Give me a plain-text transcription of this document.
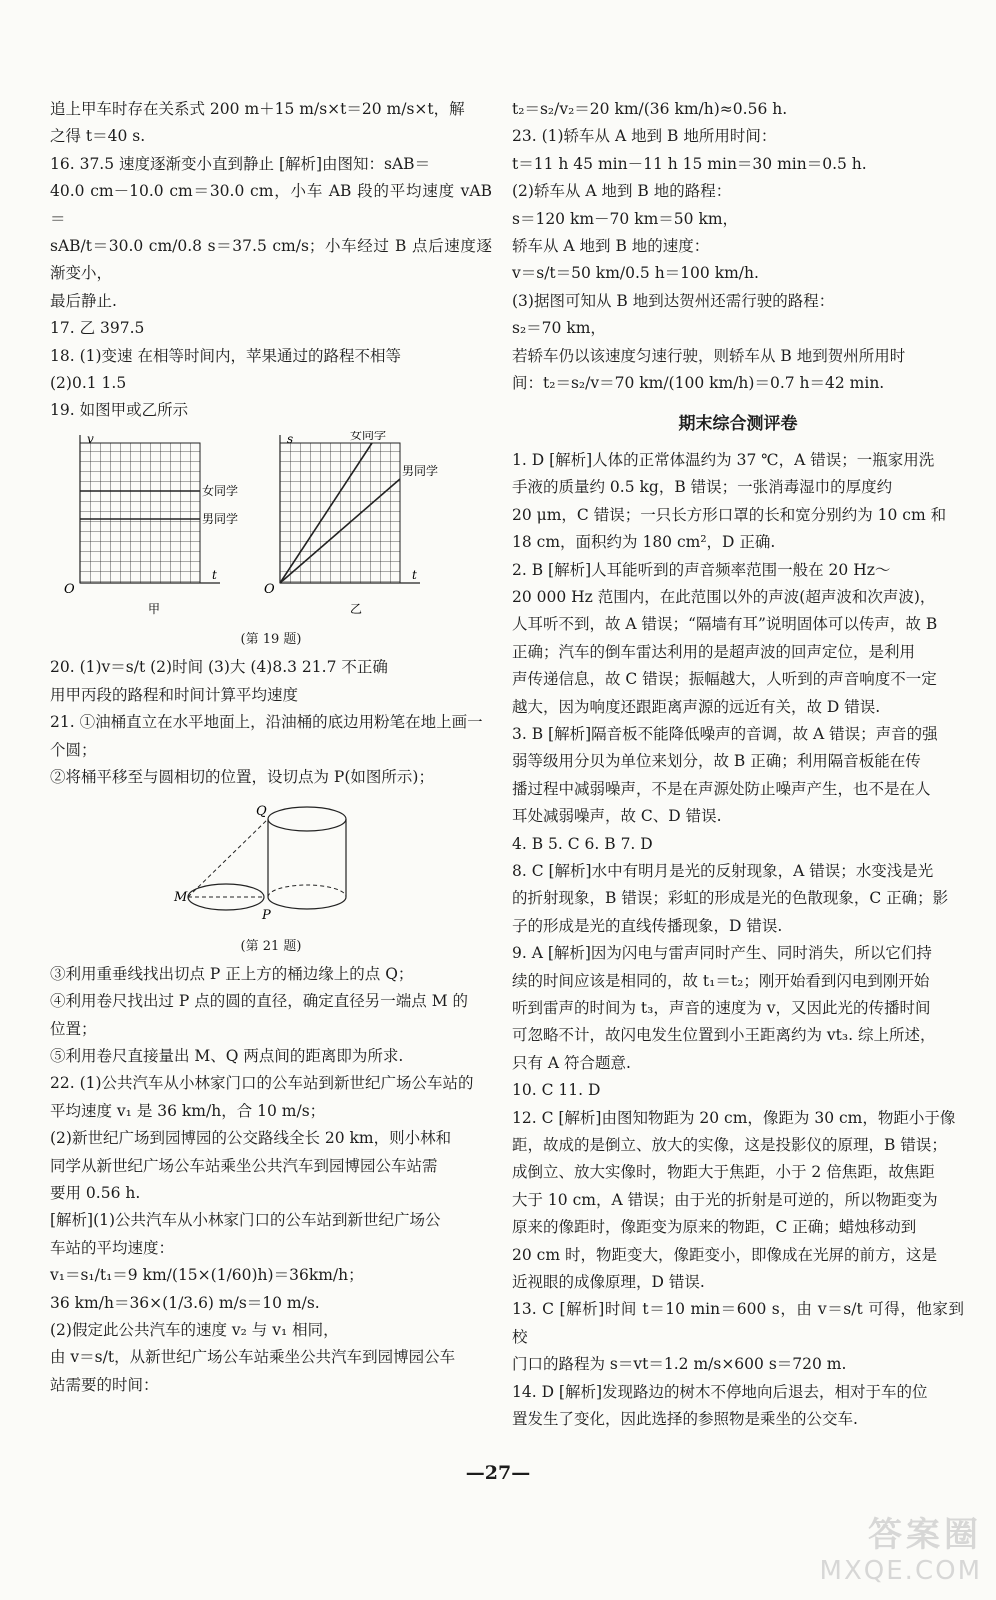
追上甲车时存在关系式 200 m＋15 m/s×t＝20 m/s×t，解

之得 t＝40 s.

16. 37.5 速度逐渐变小直到静止 [解析]由图知：sAB＝

40.0 cm－10.0 cm＝30.0 cm，小车 AB 段的平均速度 vAB＝

sAB/t＝30.0 cm/0.8 s＝37.5 cm/s；小车经过 B 点后速度逐渐变小，

最后静止.

17. 乙 397.5

18. (1)变速 在相等时间内，苹果通过的路程不相等

(2)0.1 1.5

19. 如图甲或乙所示

v
t
O
女同学
男同学
甲
s
t
O
女同学
男同学
乙
(第 19 题)

20. (1)v＝s/t (2)时间 (3)大 (4)8.3 21.7 不正确

用甲丙段的路程和时间计算平均速度

21. ①油桶直立在水平地面上，沿油桶的底边用粉笔在地上画一

个圆；

②将桶平移至与圆相切的位置，设切点为 P(如图所示)；

Q
M
P
(第 21 题)

③利用重垂线找出切点 P 正上方的桶边缘上的点 Q；

④利用卷尺找出过 P 点的圆的直径，确定直径另一端点 M 的

位置；

⑤利用卷尺直接量出 M、Q 两点间的距离即为所求.

22. (1)公共汽车从小林家门口的公车站到新世纪广场公车站的

平均速度 v₁ 是 36 km/h，合 10 m/s；

(2)新世纪广场到园博园的公交路线全长 20 km，则小林和

同学从新世纪广场公车站乘坐公共汽车到园博园公车站需

要用 0.56 h.

[解析](1)公共汽车从小林家门口的公车站到新世纪广场公

车站的平均速度：

v₁＝s₁/t₁＝9 km/(15×(1/60)h)＝36km/h；

36 km/h＝36×(1/3.6) m/s＝10 m/s.

(2)假定此公共汽车的速度 v₂ 与 v₁ 相同，

由 v＝s/t，从新世纪广场公车站乘坐公共汽车到园博园公车

站需要的时间：

t₂＝s₂/v₂＝20 km/(36 km/h)≈0.56 h.

23. (1)轿车从 A 地到 B 地所用时间：

t＝11 h 45 min－11 h 15 min＝30 min＝0.5 h.

(2)轿车从 A 地到 B 地的路程：

s＝120 km－70 km＝50 km，

轿车从 A 地到 B 地的速度：

v＝s/t＝50 km/0.5 h＝100 km/h.

(3)据图可知从 B 地到达贺州还需行驶的路程：

s₂＝70 km，

若轿车仍以该速度匀速行驶，则轿车从 B 地到贺州所用时

间：t₂＝s₂/v＝70 km/(100 km/h)＝0.7 h＝42 min.

期末综合测评卷

1. D [解析]人体的正常体温约为 37 ℃，A 错误；一瓶家用洗

手液的质量约 0.5 kg，B 错误；一张消毒湿巾的厚度约

20 μm，C 错误；一只长方形口罩的长和宽分别约为 10 cm 和

18 cm，面积约为 180 cm²，D 正确.

2. B [解析]人耳能听到的声音频率范围一般在 20 Hz～

20 000 Hz 范围内，在此范围以外的声波(超声波和次声波)，

人耳听不到，故 A 错误；“隔墙有耳”说明固体可以传声，故 B

正确；汽车的倒车雷达利用的是超声波的回声定位，是利用

声传递信息，故 C 错误；振幅越大，人听到的声音响度不一定

越大，因为响度还跟距离声源的远近有关，故 D 错误.

3. B [解析]隔音板不能降低噪声的音调，故 A 错误；声音的强

弱等级用分贝为单位来划分，故 B 正确；利用隔音板能在传

播过程中减弱噪声，不是在声源处防止噪声产生，也不是在人

耳处减弱噪声，故 C、D 错误.

4. B 5. C 6. B 7. D

8. C [解析]水中有明月是光的反射现象，A 错误；水变浅是光

的折射现象，B 错误；彩虹的形成是光的色散现象，C 正确；影

子的形成是光的直线传播现象，D 错误.

9. A [解析]因为闪电与雷声同时产生、同时消失，所以它们持

续的时间应该是相同的，故 t₁＝t₂；刚开始看到闪电到刚开始

听到雷声的时间为 t₃，声音的速度为 v，又因此光的传播时间

可忽略不计，故闪电发生位置到小王距离约为 vt₃. 综上所述，

只有 A 符合题意.

10. C 11. D

12. C [解析]由图知物距为 20 cm，像距为 30 cm，物距小于像

距，故成的是倒立、放大的实像，这是投影仪的原理，B 错误；

成倒立、放大实像时，物距大于焦距，小于 2 倍焦距，故焦距

大于 10 cm，A 错误；由于光的折射是可逆的，所以物距变为

原来的像距时，像距变为原来的物距，C 正确；蜡烛移动到

20 cm 时，物距变大，像距变小，即像成在光屏的前方，这是

近视眼的成像原理，D 错误.

13. C [解析]时间 t＝10 min＝600 s，由 v＝s/t 可得，他家到校

门口的路程为 s＝vt＝1.2 m/s×600 s＝720 m.

14. D [解析]发现路边的树木不停地向后退去，相对于车的位

置发生了变化，因此选择的参照物是乘坐的公交车.

—27—
答案圈
MXQE.COM
